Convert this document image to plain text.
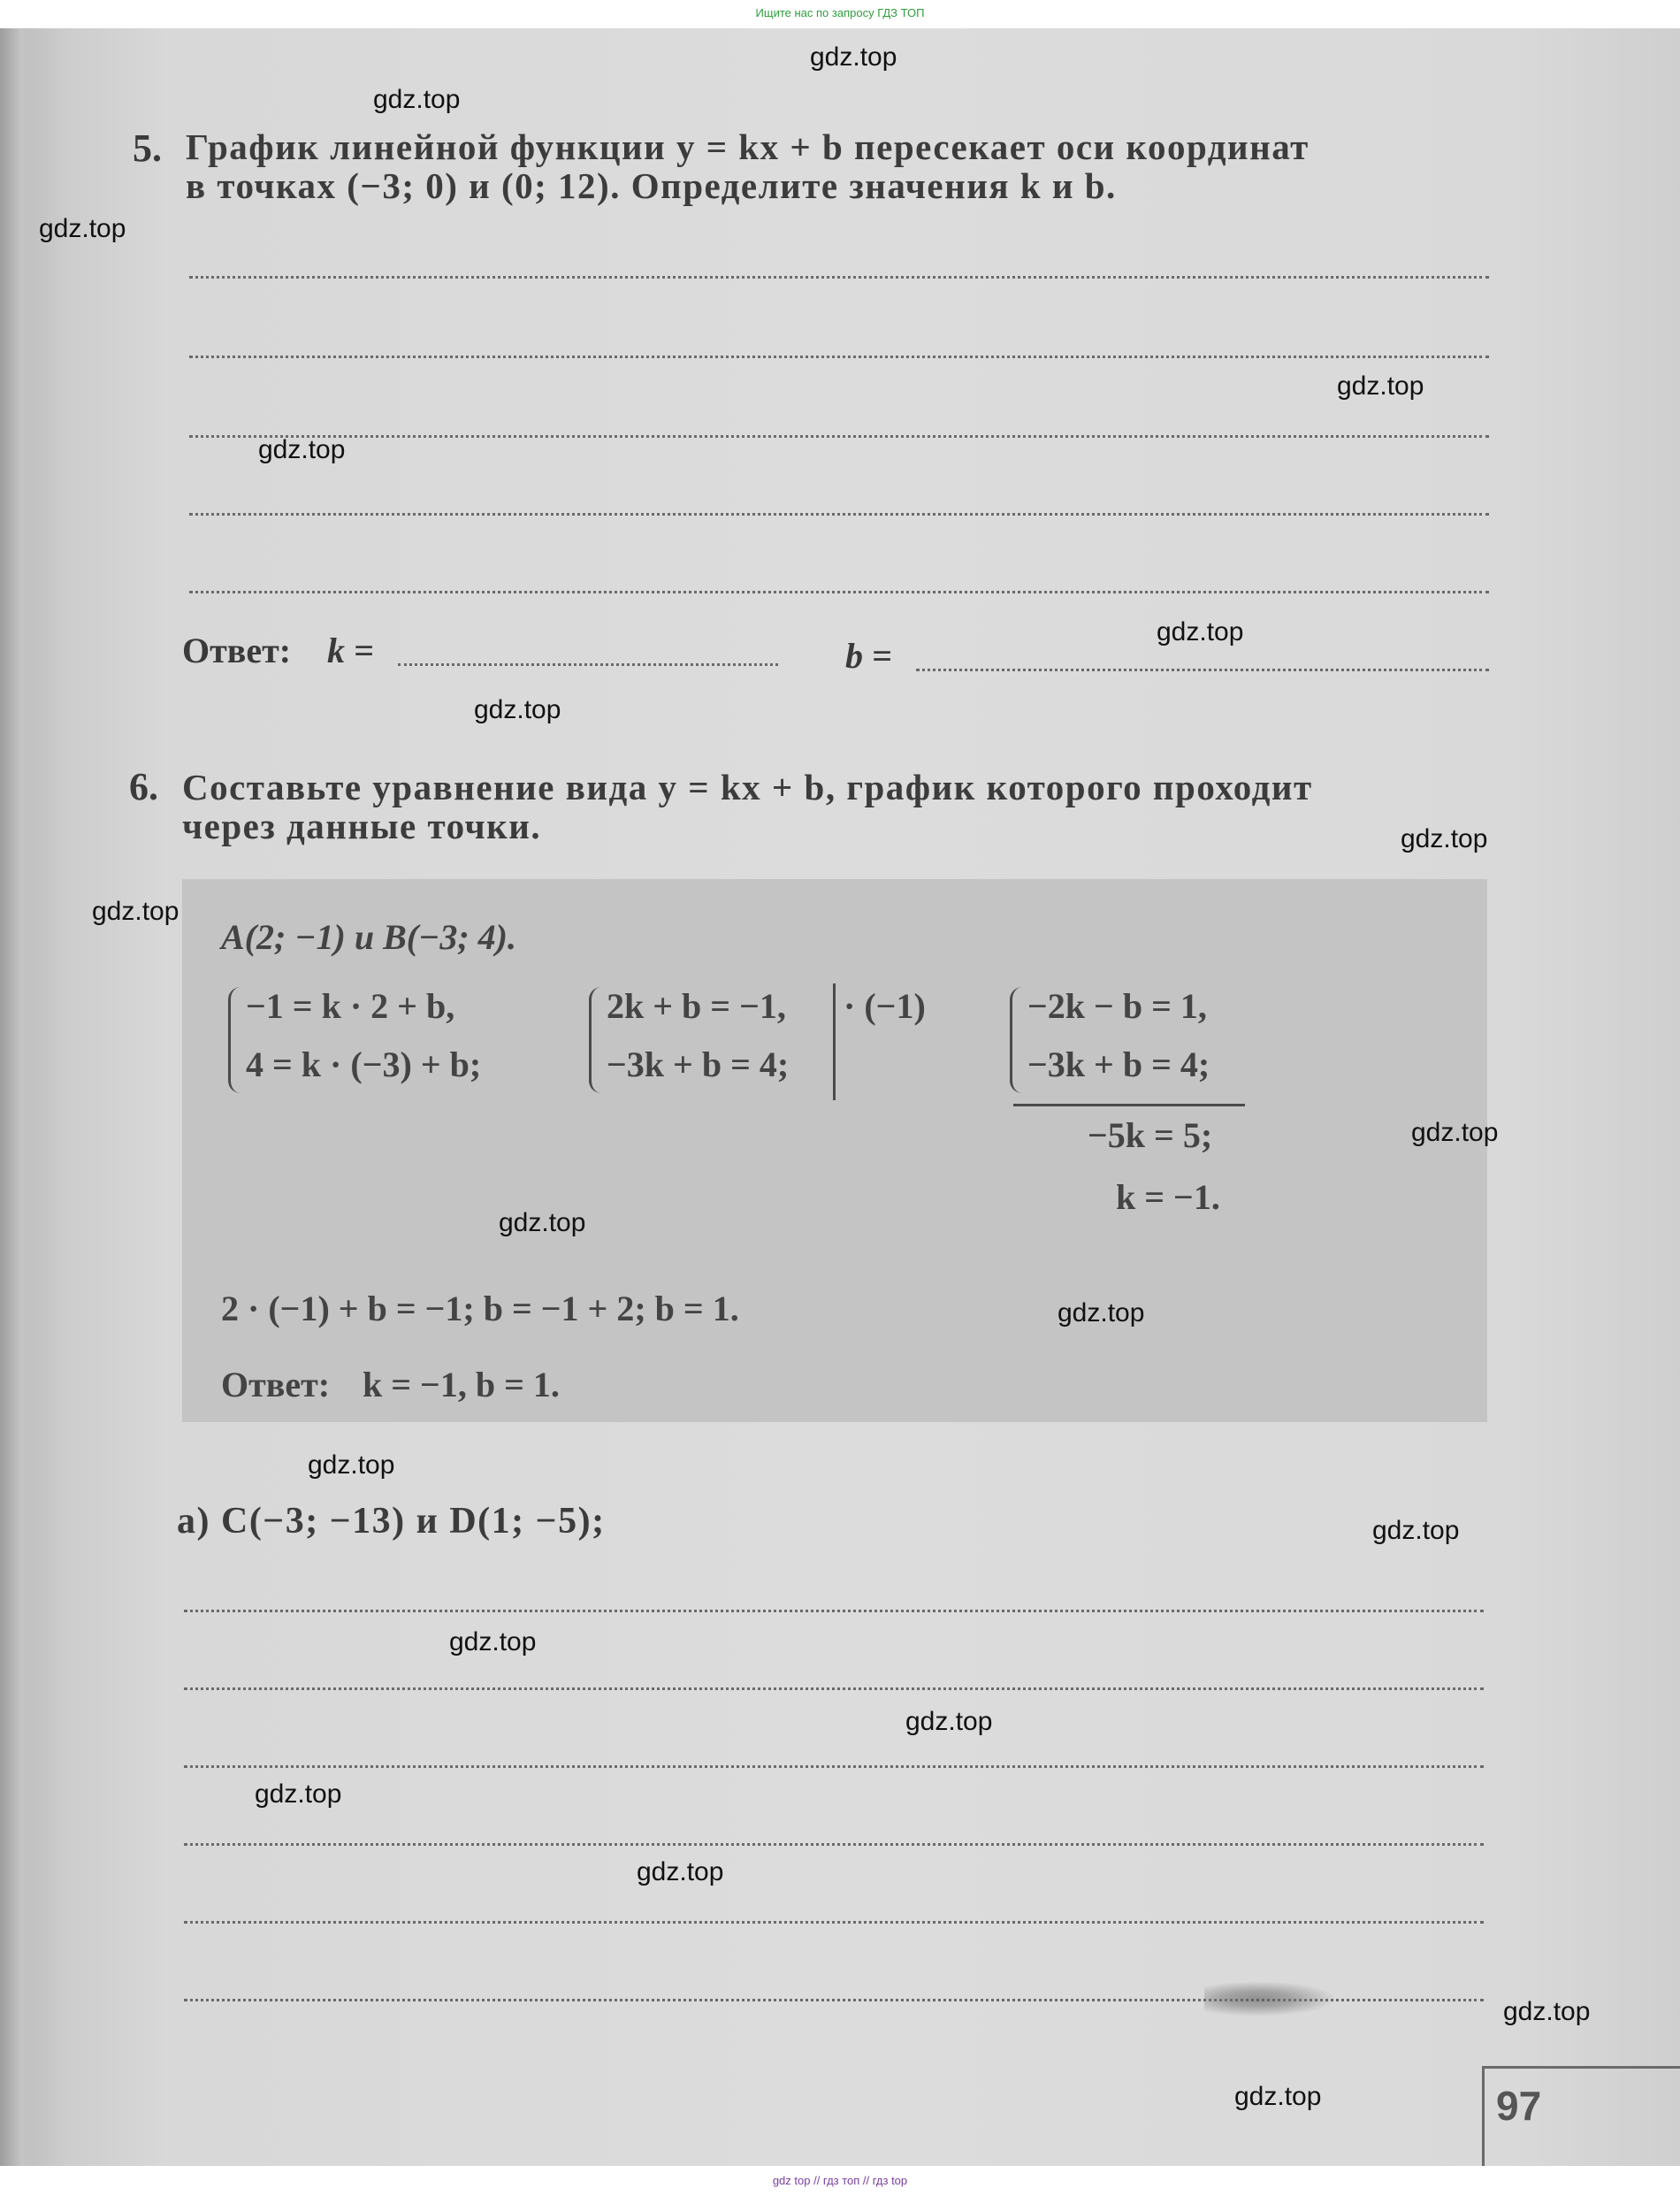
Ищите нас по запросу ГДЗ ТОП
5. График линейной функции y = kx + b пересекает оси координат
в точках (−3; 0) и (0; 12). Определите значения k и b.
Ответ: k =	b =
6. Составьте уравнение вида y = kx + b, график которого проходит
через данные точки.
A(2; −1) и B(−3; 4).
−1 = k · 2 + b,
4 = k · (−3) + b;
2k + b = −1,
−3k + b = 4;
· (−1)	−2k − b = 1,
−3k + b = 4;
−5k = 5;
k = −1.
2 · (−1) + b = −1; b = −1 + 2; b = 1.
Ответ: k = −1, b = 1.
а) C(−3; −13) и D(1; −5);
97
gdz.top
gdz.top
gdz.top
gdz.top
gdz.top
gdz.top
gdz.top
gdz.top
gdz.top
gdz.top
gdz.top
gdz.top
gdz.top
gdz.top
gdz.top
gdz.top
gdz.top
gdz.top
gdz.top
gdz.top
gdz top // гдз топ // гдз top
